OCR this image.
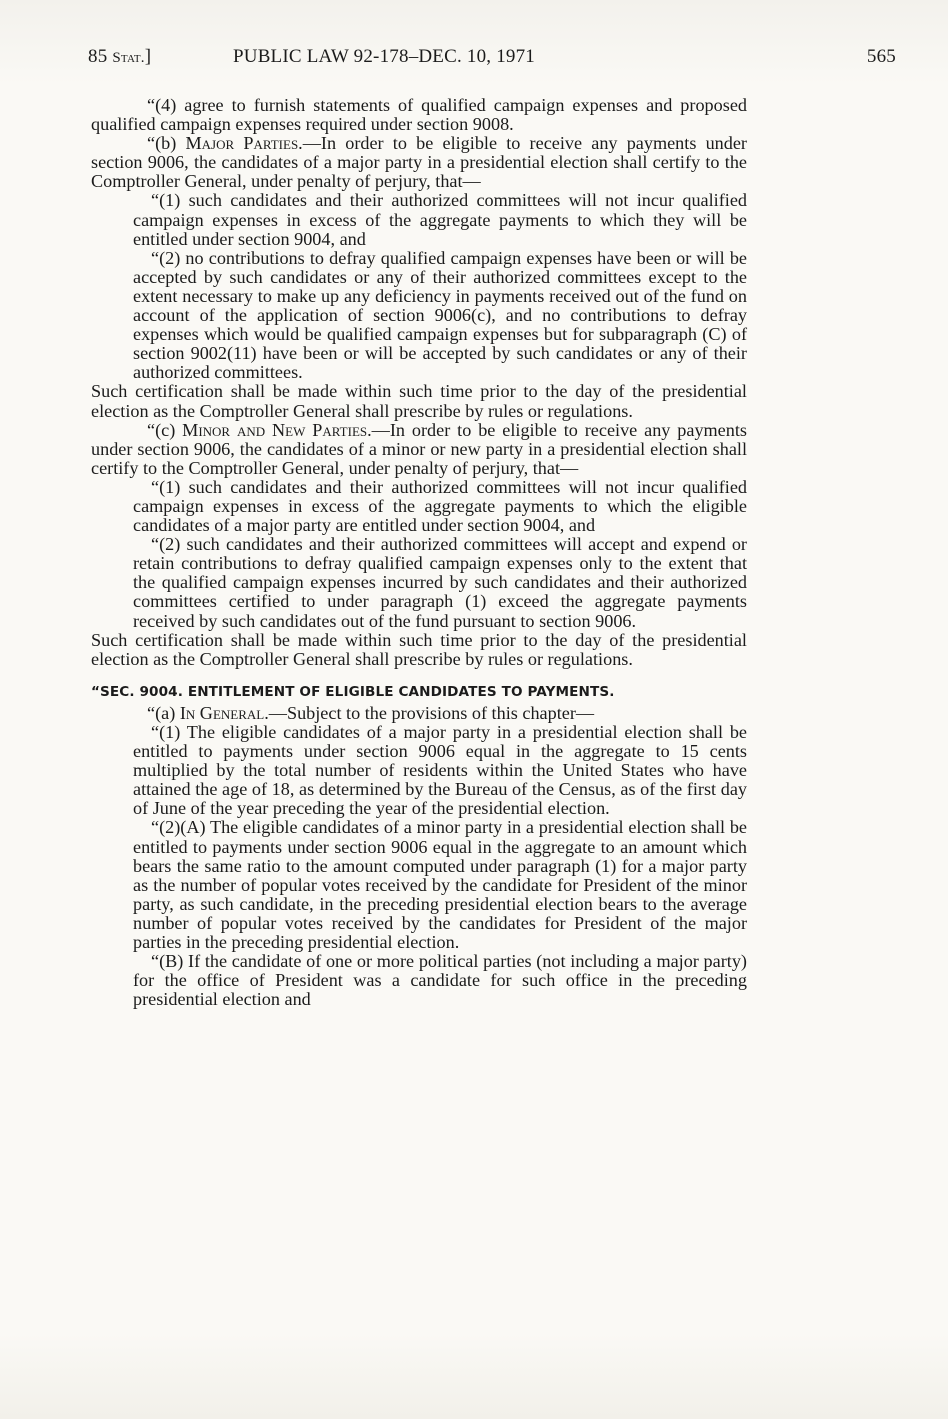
85 Stat.]	PUBLIC LAW 92-178–DEC. 10, 1971	565

“(4) agree to furnish statements of qualified campaign expenses and proposed qualified campaign expenses required under section 9008.

“(b) Major Parties.—In order to be eligible to receive any payments under section 9006, the candidates of a major party in a presidential election shall certify to the Comptroller General, under penalty of perjury, that—

“(1) such candidates and their authorized committees will not incur qualified campaign expenses in excess of the aggregate payments to which they will be entitled under section 9004, and

“(2) no contributions to defray qualified campaign expenses have been or will be accepted by such candidates or any of their authorized committees except to the extent necessary to make up any deficiency in payments received out of the fund on account of the application of section 9006(c), and no contributions to defray expenses which would be qualified campaign expenses but for subparagraph (C) of section 9002(11) have been or will be accepted by such candidates or any of their authorized committees.

Such certification shall be made within such time prior to the day of the presidential election as the Comptroller General shall prescribe by rules or regulations.

“(c) Minor and New Parties.—In order to be eligible to receive any payments under section 9006, the candidates of a minor or new party in a presidential election shall certify to the Comptroller General, under penalty of perjury, that—

“(1) such candidates and their authorized committees will not incur qualified campaign expenses in excess of the aggregate payments to which the eligible candidates of a major party are entitled under section 9004, and

“(2) such candidates and their authorized committees will accept and expend or retain contributions to defray qualified campaign expenses only to the extent that the qualified campaign expenses incurred by such candidates and their authorized committees certified to under paragraph (1) exceed the aggregate payments received by such candidates out of the fund pursuant to section 9006.

Such certification shall be made within such time prior to the day of the presidential election as the Comptroller General shall prescribe by rules or regulations.

“SEC. 9004. ENTITLEMENT OF ELIGIBLE CANDIDATES TO PAYMENTS.

“(a) In General.—Subject to the provisions of this chapter—

“(1) The eligible candidates of a major party in a presidential election shall be entitled to payments under section 9006 equal in the aggregate to 15 cents multiplied by the total number of residents within the United States who have attained the age of 18, as determined by the Bureau of the Census, as of the first day of June of the year preceding the year of the presidential election.

“(2)(A) The eligible candidates of a minor party in a presidential election shall be entitled to payments under section 9006 equal in the aggregate to an amount which bears the same ratio to the amount computed under paragraph (1) for a major party as the number of popular votes received by the candidate for President of the minor party, as such candidate, in the preceding presidential election bears to the average number of popular votes received by the candidates for President of the major parties in the preceding presidential election.

“(B) If the candidate of one or more political parties (not including a major party) for the office of President was a candidate for such office in the preceding presidential election and
